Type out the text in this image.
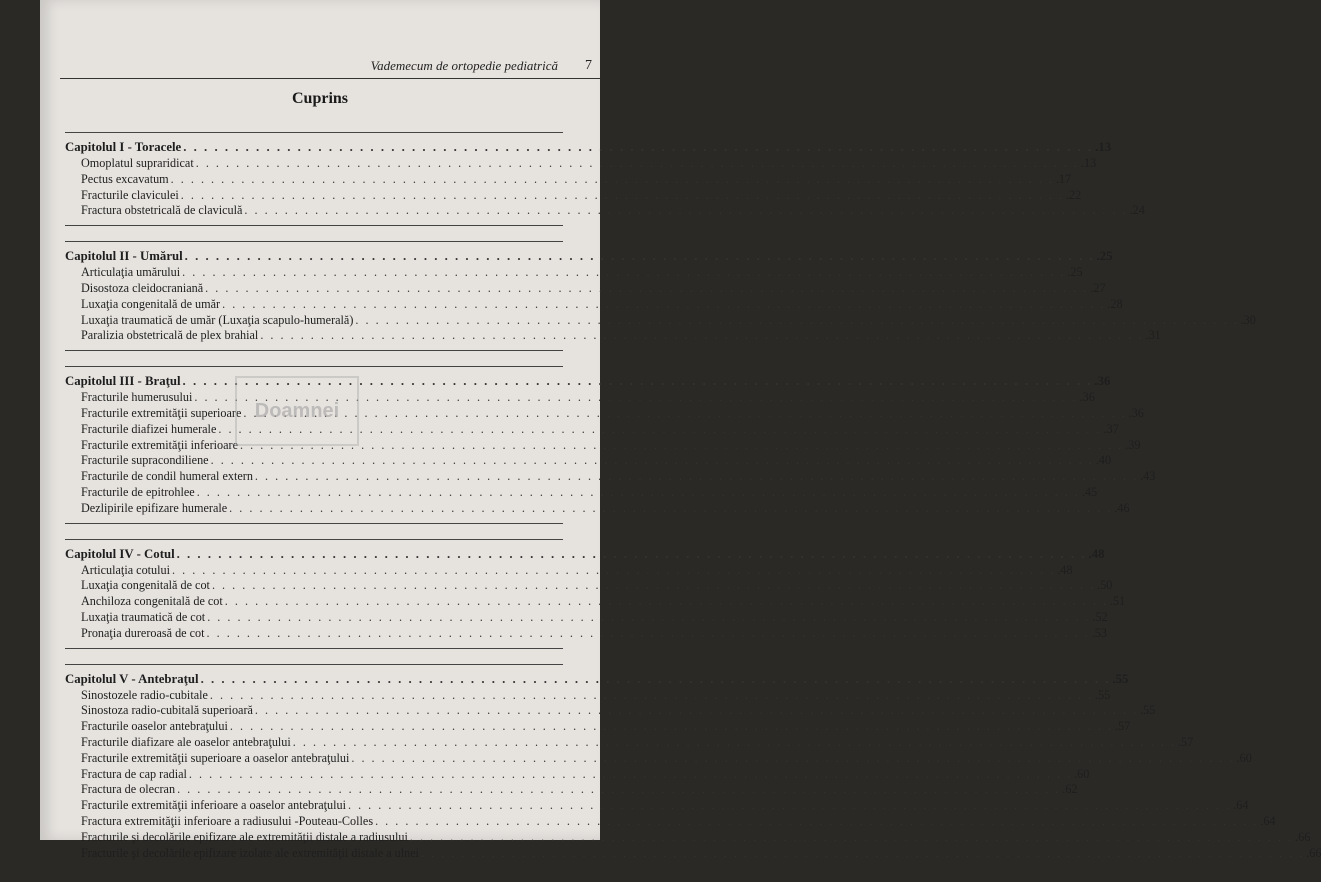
Vademecum de ortopedie pediatrică 7
Cuprins
Capitolul I - Toracele . . .	.13
Omoplatul supraridicat . . .	.13
Pectus excavatum . . .	.17
Fracturile claviculei . . .	.22
Fractura obstetricală de claviculă . . .	.24
Capitolul II - Umărul . . .	.25
Articulaţia umărului . . .	.25
Disostoza cleidocraniană . . .	.27
Luxaţia congenitală de umăr . . .	.28
Luxaţia traumatică de umăr (Luxaţia scapulo-humerală) . . .	.30
Paralizia obstetricală de plex brahial . . .	.31
Capitolul III - Braţul . . .	.36
Fracturile humerusului . . .	.36
Fracturile extremităţii superioare . . .	.36
Fracturile diafizei humerale . . .	.37
Fracturile extremităţii inferioare . . .	.39
Fracturile supracondiliene . . .	.40
Fracturile de condil humeral extern . . .	.43
Fracturile de epitrohlee . . .	.45
Dezlipirile epifizare humerale . . .	.46
Capitolul IV - Cotul . . .	.48
Articulaţia cotului . . .	.48
Luxaţia congenitală de cot . . .	.50
Anchiloza congenitală de cot . . .	.51
Luxaţia traumatică de cot . . .	.52
Pronaţia dureroasă de cot . . .	.53
Capitolul V - Antebraţul . . .	.55
Sinostozele radio-cubitale . . .	.55
Sinostoza radio-cubitală superioară . . .	.55
Fracturile oaselor antebraţului . . .	.57
Fracturile diafizare ale oaselor antebraţului . . .	.57
Fracturile extremităţii superioare a oaselor antebraţului . . .	.60
Fractura de cap radial . . .	.60
Fractura de olecran . . .	.62
Fracturile extremităţii inferioare a oaselor antebraţului . . .	.64
Fractura extremităţii inferioare a radiusului -Pouteau-Colles . . .	.64
Fracturile şi decolările epifizare ale extremităţii distale a radiusului . . .	.66
Fracturile şi decolările epifizare izolate ale extremităţii distale a ulnei . . .	.66
Doamnei
